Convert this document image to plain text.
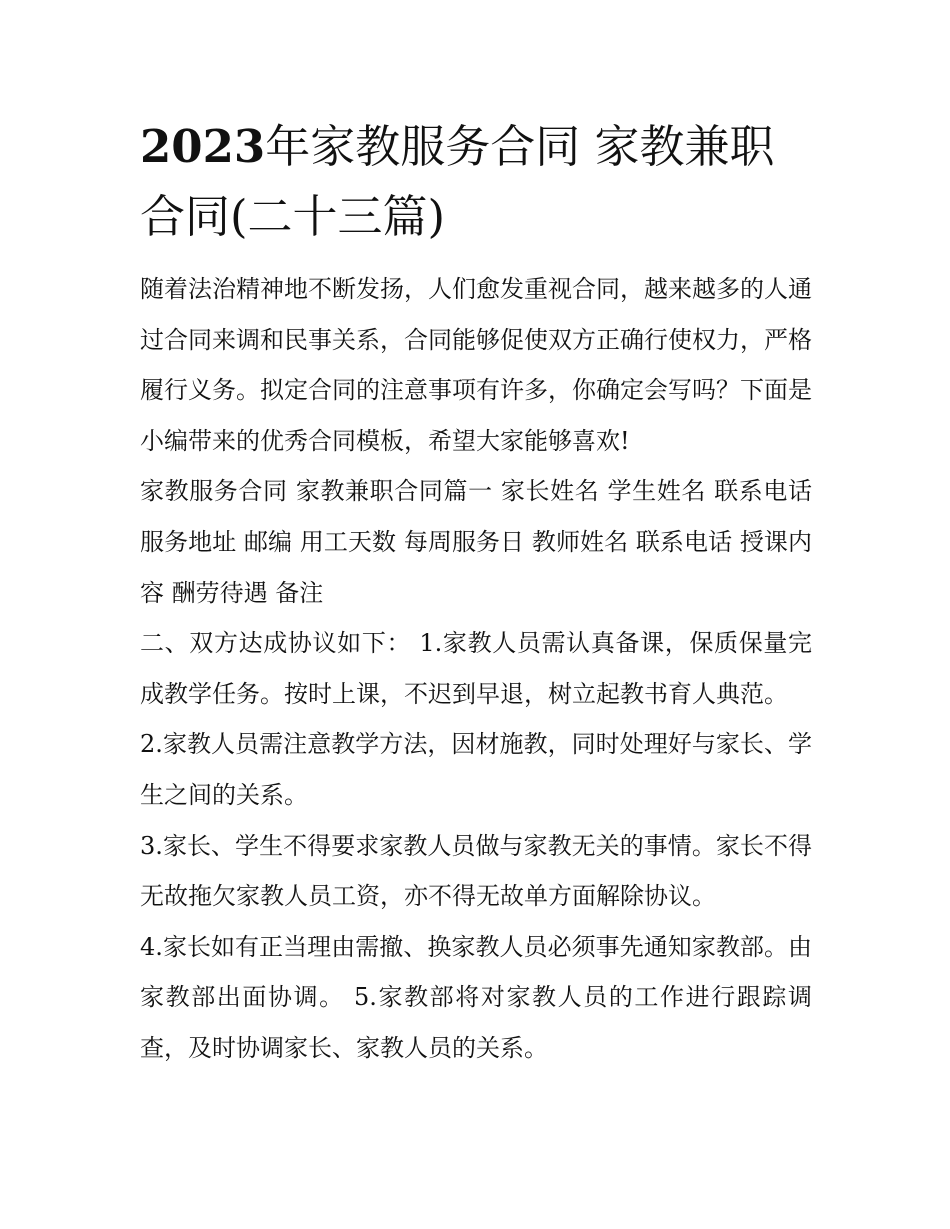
2023年家教服务合同 家教兼职合同(二十三篇)

随着法治精神地不断发扬，人们愈发重视合同，越来越多的人通过合同来调和民事关系，合同能够促使双方正确行使权力，严格履行义务。拟定合同的注意事项有许多，你确定会写吗？下面是小编带来的优秀合同模板，希望大家能够喜欢!

家教服务合同 家教兼职合同篇一 家长姓名 学生姓名 联系电话 服务地址 邮编 用工天数 每周服务日 教师姓名 联系电话 授课内容 酬劳待遇 备注

二、双方达成协议如下： 1.家教人员需认真备课，保质保量完成教学任务。按时上课，不迟到早退，树立起教书育人典范。

2.家教人员需注意教学方法，因材施教，同时处理好与家长、学生之间的关系。

3.家长、学生不得要求家教人员做与家教无关的事情。家长不得无故拖欠家教人员工资，亦不得无故单方面解除协议。

4.家长如有正当理由需撤、换家教人员必须事先通知家教部。由家教部出面协调。 5.家教部将对家教人员的工作进行跟踪调查，及时协调家长、家教人员的关系。
